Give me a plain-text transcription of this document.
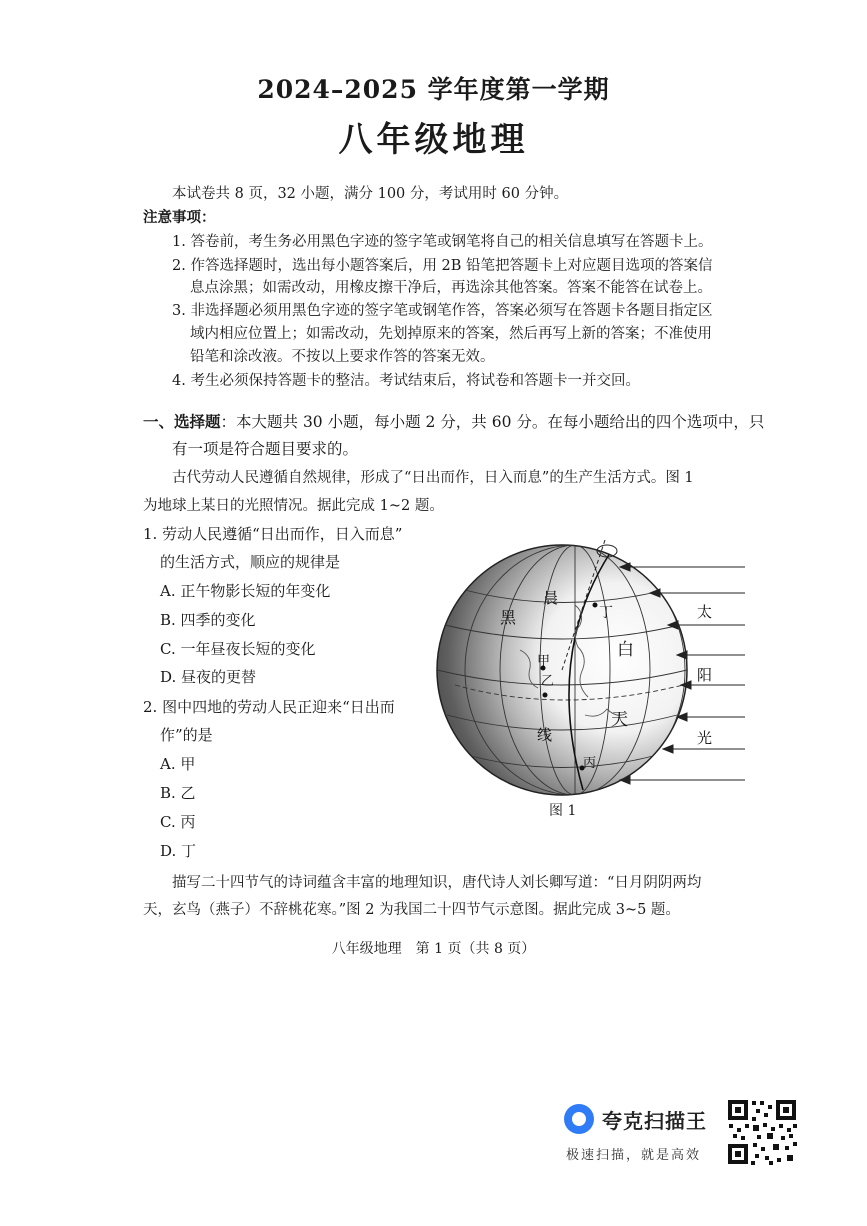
2024–2025 学年度第一学期
八年级地理
本试卷共 8 页，32 小题，满分 100 分，考试用时 60 分钟。
注意事项：
1. 答卷前，考生务必用黑色字迹的签字笔或钢笔将自己的相关信息填写在答题卡上。
2. 作答选择题时，选出每小题答案后，用 2B 铅笔把答题卡上对应题目选项的答案信
息点涂黑；如需改动，用橡皮擦干净后，再选涂其他答案。答案不能答在试卷上。
3. 非选择题必须用黑色字迹的签字笔或钢笔作答，答案必须写在答题卡各题目指定区
域内相应位置上；如需改动，先划掉原来的答案，然后再写上新的答案；不准使用
铅笔和涂改液。不按以上要求作答的答案无效。
4. 考生必须保持答题卡的整洁。考试结束后，将试卷和答题卡一并交回。
一、选择题：本大题共 30 小题，每小题 2 分，共 60 分。在每小题给出的四个选项中，只
有一项是符合题目要求的。
古代劳动人民遵循自然规律，形成了“日出而作，日入而息”的生产生活方式。图 1
为地球上某日的光照情况。据此完成 1~2 题。
1. 劳动人民遵循“日出而作，日入而息”
的生活方式，顺应的规律是
A. 正午物影长短的年变化
B. 四季的变化
C. 一年昼夜长短的变化
D. 昼夜的更替
2. 图中四地的劳动人民正迎来“日出而
作”的是
A. 甲
B. 乙
C. 丙
D. 丁
黑
晨
白
天
线
丁
甲
乙
丙
太
阳
光
图 1
描写二十四节气的诗词蕴含丰富的地理知识，唐代诗人刘长卿写道：“日月阴阴两均
天，玄鸟（燕子）不辞桃花寒。”图 2 为我国二十四节气示意图。据此完成 3~5 题。
八年级地理　第 1 页（共 8 页）
夸克扫描王
极速扫描，就是高效
